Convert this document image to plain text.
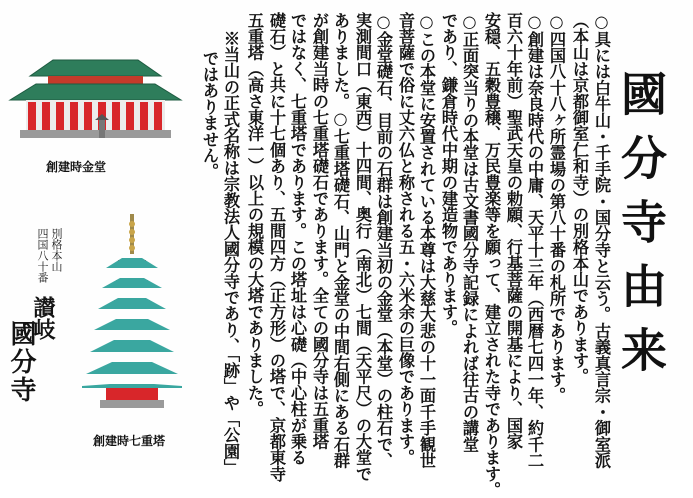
國分寺由来
○具には白牛山・千手院・国分寺と云う。古義真言宗・御室派
（本山は京都御室仁和寺）の別格本山であります。
○四国八十八ヶ所霊場の第八十番の札所であります。
○創建は奈良時代の中庸、天平十三年（西暦七四一年、約千二
百六十年前）聖武天皇の勅願、行基菩薩の開基により、国家
安穏、五穀豊穣、万民豊楽等を願って、建立された寺であります。
○正面突当りの本堂は古文書國分寺記録によれば往古の講堂
であり、鎌倉時代中期の建造物であります。
○この本堂に安置されている本尊は大慈大悲の十一面千手観世
音菩薩で俗に丈六仏と称される五・六米余の巨像であります。
○金堂礎石、目前の石群は創建当初の金堂（本堂）の柱石で、
実測間口（東西）十四間、奥行（南北）七間（天平尺）の大堂で
ありました。○七重塔礎石、山門と金堂の中間右側にある石群
が創建当時の七重塔礎石であります。全ての國分寺は五重塔
ではなく、七重塔であります。この塔址は心礎（中心柱が乗る
礎石）と共に十七個あり、五間四方（正方形）の塔で、京都東寺
五重塔（高さ東洋一）以上の規模の大塔でありました。
※当山の正式名称は宗教法人國分寺であり、「跡」や「公園」
ではありません。
創建時金堂
創建時七重塔
別格本山
四国八十番
讃岐
國分寺
